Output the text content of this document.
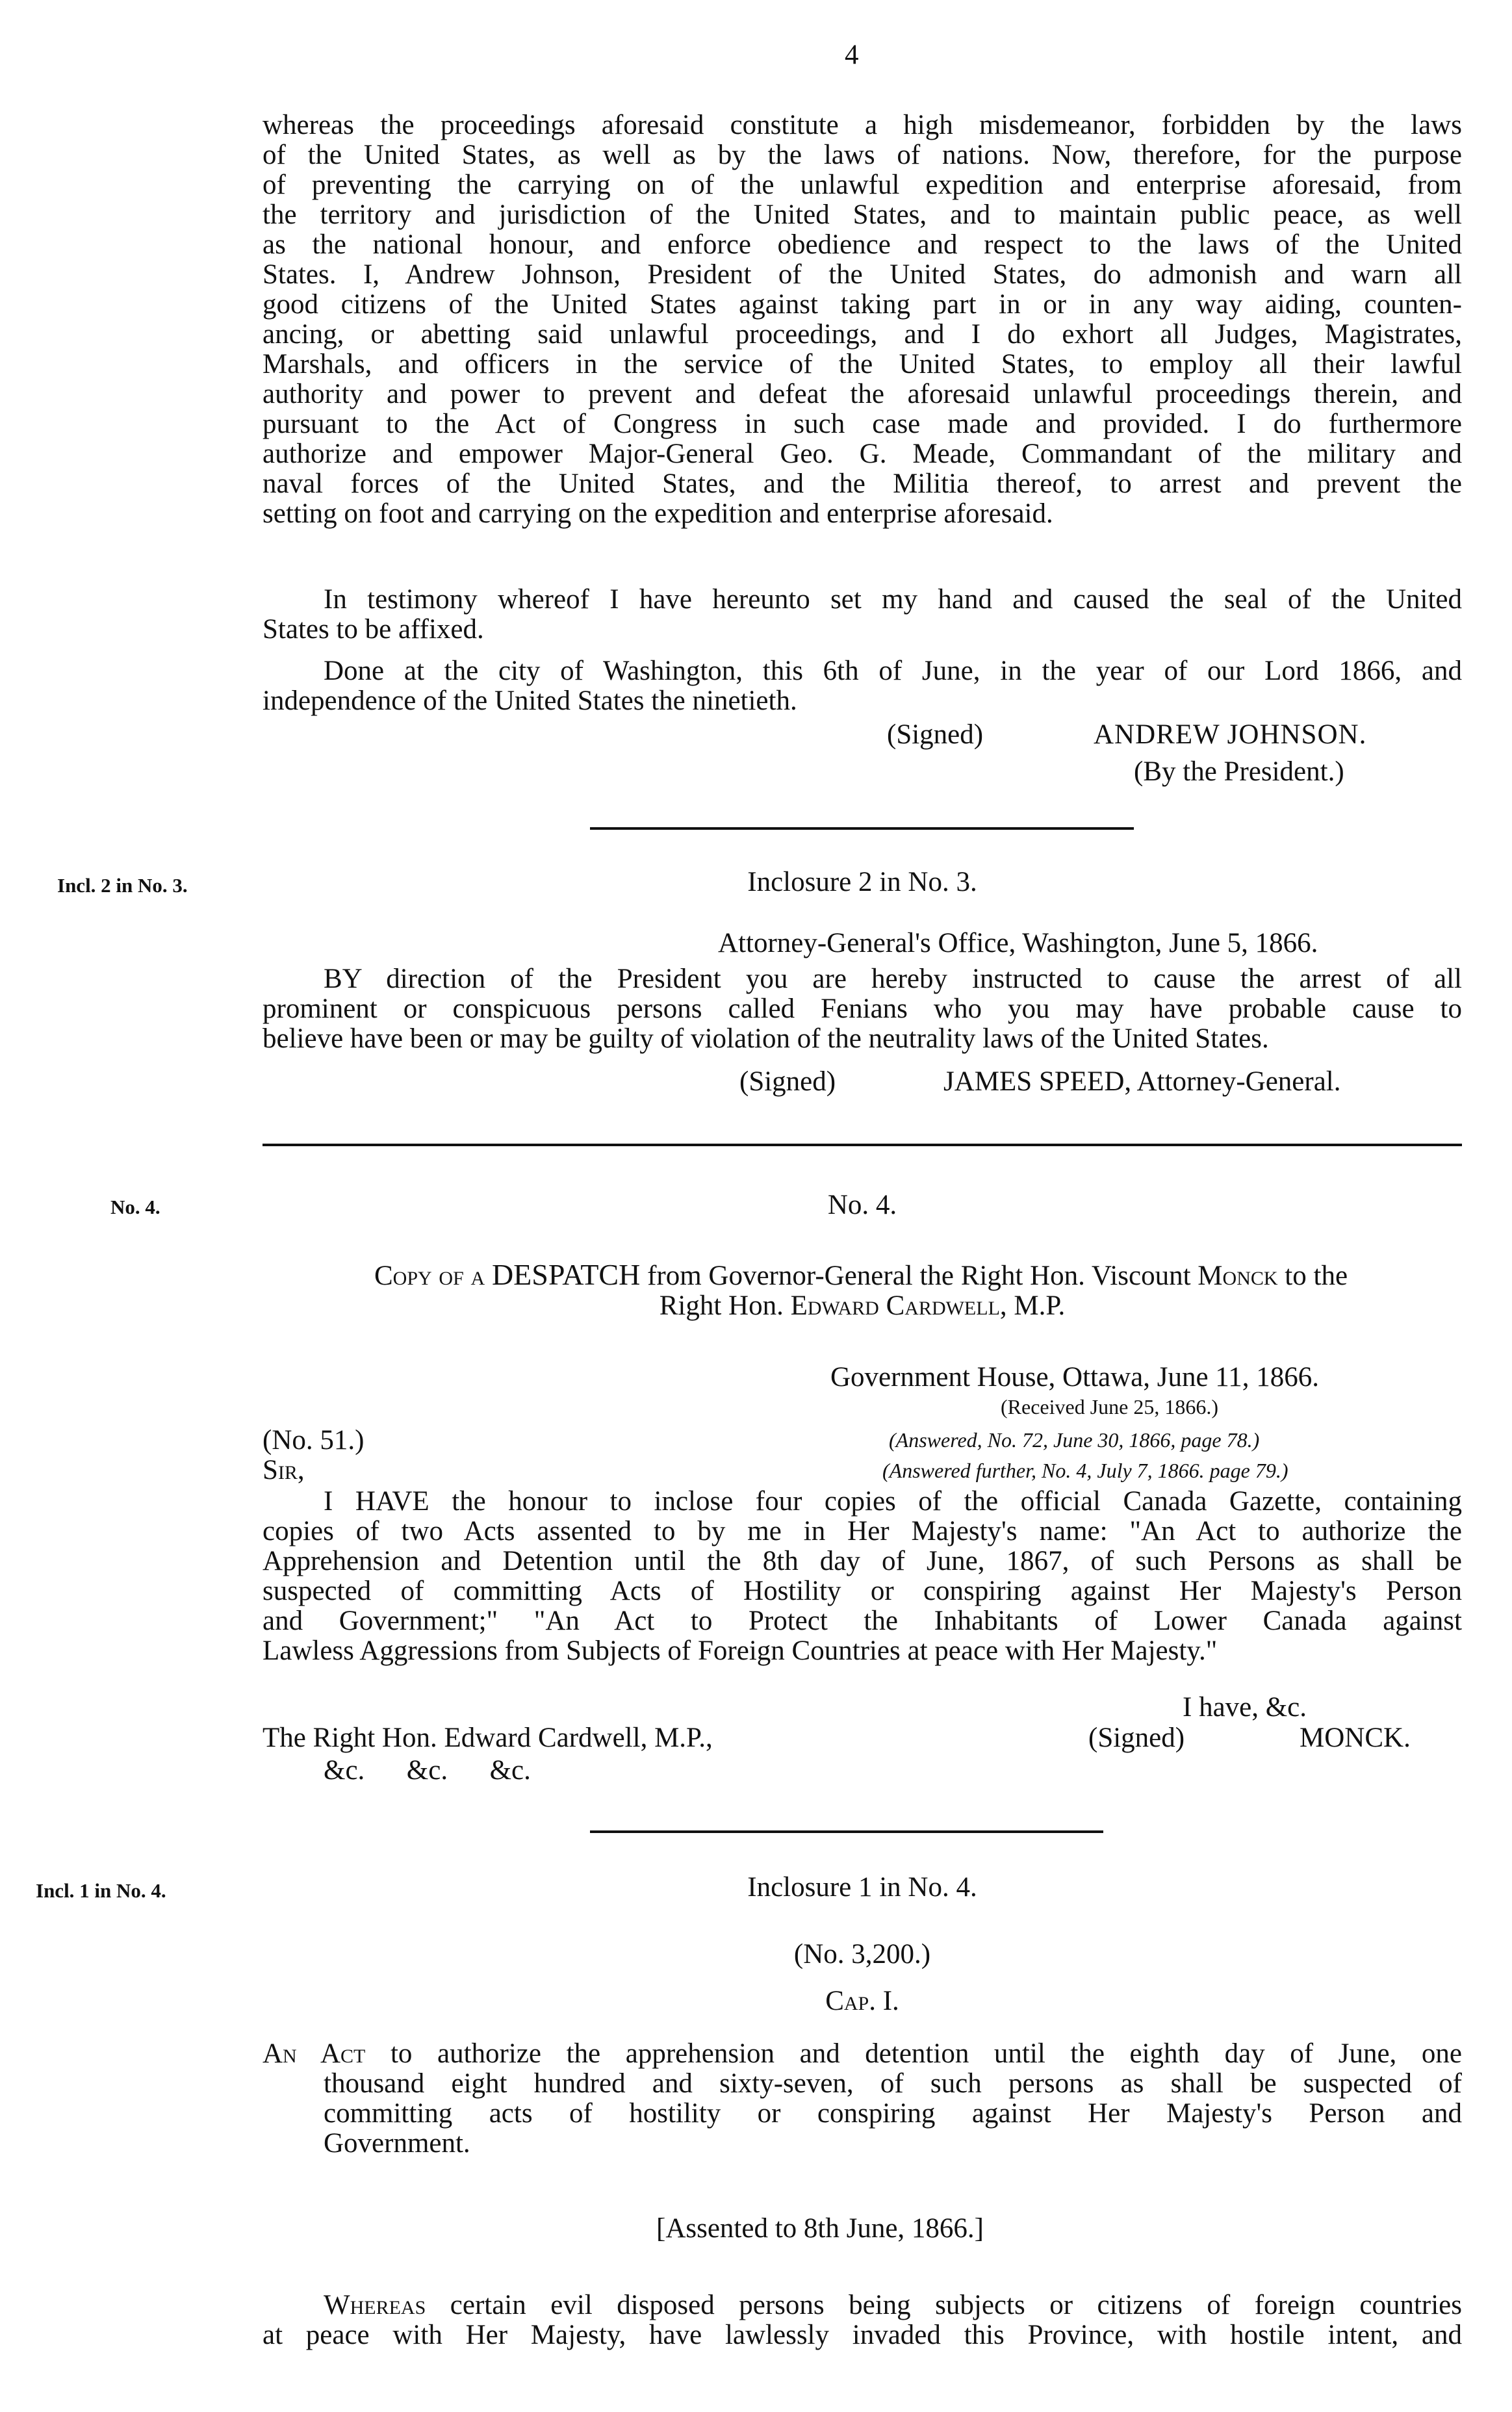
4
whereas the proceedings aforesaid constitute a high misdemeanor, forbidden by the laws
of the United States, as well as by the laws of nations. Now, therefore, for the purpose
of preventing the carrying on of the unlawful expedition and enterprise aforesaid, from
the territory and jurisdiction of the United States, and to maintain public peace, as well
as the national honour, and enforce obedience and respect to the laws of the United
States. I, Andrew Johnson, President of the United States, do admonish and warn all
good citizens of the United States against taking part in or in any way aiding, counten-
ancing, or abetting said unlawful proceedings, and I do exhort all Judges, Magistrates,
Marshals, and officers in the service of the United States, to employ all their lawful
authority and power to prevent and defeat the aforesaid unlawful proceedings therein, and
pursuant to the Act of Congress in such case made and provided. I do furthermore
authorize and empower Major-General Geo. G. Meade, Commandant of the military and
naval forces of the United States, and the Militia thereof, to arrest and prevent the
setting on foot and carrying on the expedition and enterprise aforesaid.
In testimony whereof I have hereunto set my hand and caused the seal of the United
States to be affixed.
Done at the city of Washington, this 6th of June, in the year of our Lord 1866, and
independence of the United States the ninetieth.
(Signed)	ANDREW JOHNSON.
(By the President.)
Incl. 2 in No. 3.	Inclosure 2 in No. 3.
Attorney-General's Office, Washington, June 5, 1866.
BY direction of the President you are hereby instructed to cause the arrest of all
prominent or conspicuous persons called Fenians who you may have probable cause to
believe have been or may be guilty of violation of the neutrality laws of the United States.
(Signed)	JAMES SPEED, Attorney-General.
No. 4.	No. 4.
Copy of a DESPATCH from Governor-General the Right Hon. Viscount Monck to the
Right Hon. Edward Cardwell, M.P.
Government House, Ottawa, June 11, 1866.
(Received June 25, 1866.)
(No. 51.)	(Answered, No. 72, June 30, 1866, page 78.)
Sir,	(Answered further, No. 4, July 7, 1866. page 79.)
I HAVE the honour to inclose four copies of the official Canada Gazette, containing
copies of two Acts assented to by me in Her Majesty's name: "An Act to authorize the
Apprehension and Detention until the 8th day of June, 1867, of such Persons as shall be
suspected of committing Acts of Hostility or conspiring against Her Majesty's Person
and Government;" "An Act to Protect the Inhabitants of Lower Canada against
Lawless Aggressions from Subjects of Foreign Countries at peace with Her Majesty."
I have, &c.
The Right Hon. Edward Cardwell, M.P.,	(Signed)	MONCK.
&c.      &c.      &c.
Incl. 1 in No. 4.	Inclosure 1 in No. 4.
(No. 3,200.)
Cap. I.
An Act to authorize the apprehension and detention until the eighth day of June, one
thousand eight hundred and sixty-seven, of such persons as shall be suspected of
committing acts of hostility or conspiring against Her Majesty's Person and
Government.
[Assented to 8th June, 1866.]
Whereas certain evil disposed persons being subjects or citizens of foreign countries
at peace with Her Majesty, have lawlessly invaded this Province, with hostile intent, and
